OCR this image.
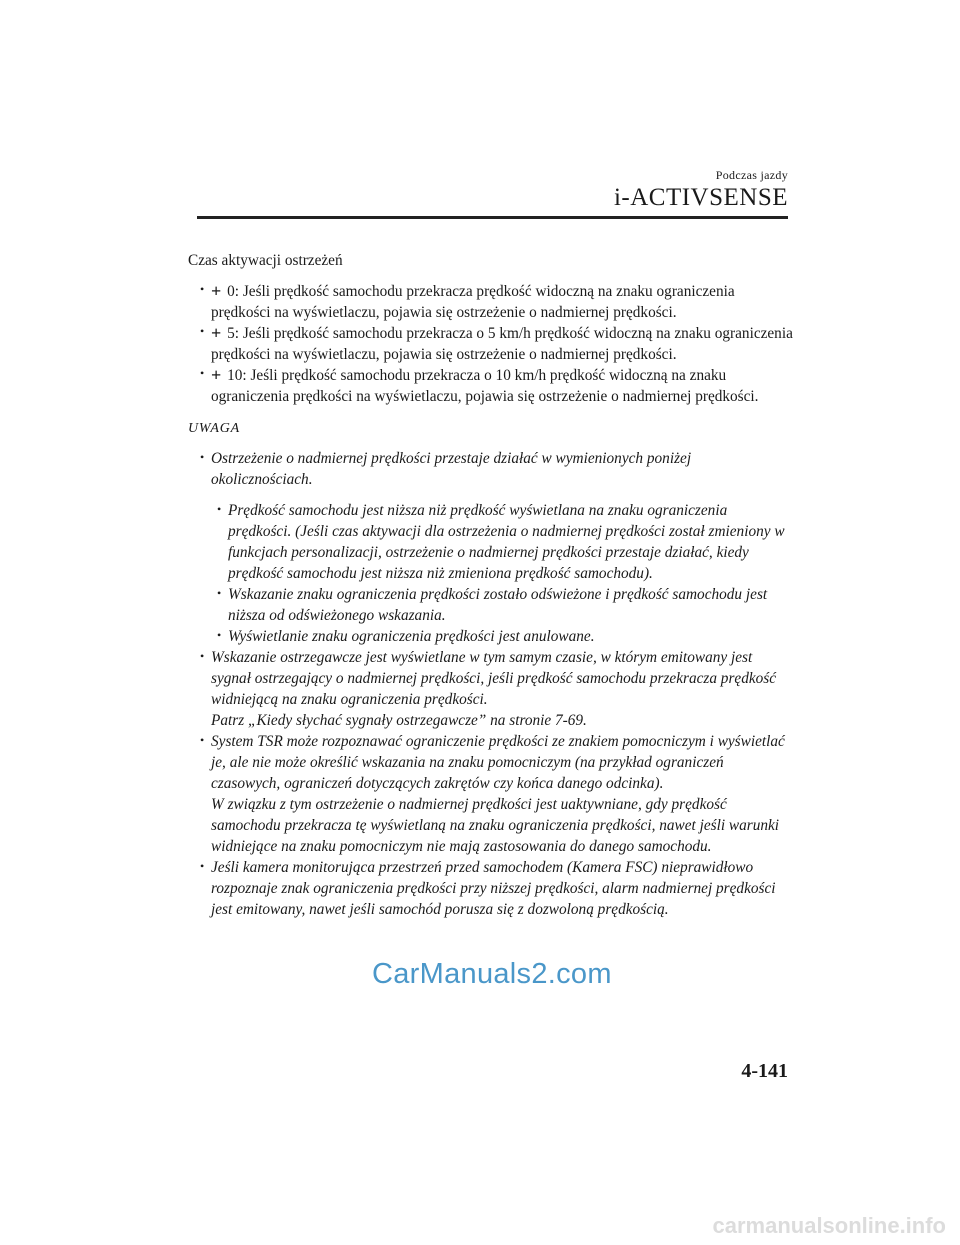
Podczas jazdy
i-ACTIVSENSE
Czas aktywacji ostrzeżeń
• + 0: Jeśli prędkość samochodu przekracza prędkość widoczną na znaku ograniczenia prędkości na wyświetlaczu, pojawia się ostrzeżenie o nadmiernej prędkości.
• + 5: Jeśli prędkość samochodu przekracza o 5 km/h prędkość widoczną na znaku ograniczenia prędkości na wyświetlaczu, pojawia się ostrzeżenie o nadmiernej prędkości.
• + 10: Jeśli prędkość samochodu przekracza o 10 km/h prędkość widoczną na znaku ograniczenia prędkości na wyświetlaczu, pojawia się ostrzeżenie o nadmiernej prędkości.
UWAGA
• Ostrzeżenie o nadmiernej prędkości przestaje działać w wymienionych poniżej okolicznościach.
• Prędkość samochodu jest niższa niż prędkość wyświetlana na znaku ograniczenia prędkości. (Jeśli czas aktywacji dla ostrzeżenia o nadmiernej prędkości został zmieniony w funkcjach personalizacji, ostrzeżenie o nadmiernej prędkości przestaje działać, kiedy prędkość samochodu jest niższa niż zmieniona prędkość samochodu).
• Wskazanie znaku ograniczenia prędkości zostało odświeżone i prędkość samochodu jest niższa od odświeżonego wskazania.
• Wyświetlanie znaku ograniczenia prędkości jest anulowane.
• Wskazanie ostrzegawcze jest wyświetlane w tym samym czasie, w którym emitowany jest sygnał ostrzegający o nadmiernej prędkości, jeśli prędkość samochodu przekracza prędkość widniejącą na znaku ograniczenia prędkości.
Patrz „Kiedy słychać sygnały ostrzegawcze” na stronie 7-69.
• System TSR może rozpoznawać ograniczenie prędkości ze znakiem pomocniczym i wyświetlać je, ale nie może określić wskazania na znaku pomocniczym (na przykład ograniczeń czasowych, ograniczeń dotyczących zakrętów czy końca danego odcinka).
W związku z tym ostrzeżenie o nadmiernej prędkości jest uaktywniane, gdy prędkość samochodu przekracza tę wyświetlaną na znaku ograniczenia prędkości, nawet jeśli warunki widniejące na znaku pomocniczym nie mają zastosowania do danego samochodu.
• Jeśli kamera monitorująca przestrzeń przed samochodem (Kamera FSC) nieprawidłowo rozpoznaje znak ograniczenia prędkości przy niższej prędkości, alarm nadmiernej prędkości jest emitowany, nawet jeśli samochód porusza się z dozwoloną prędkością.
CarManuals2.com
4-141
carmanualsonline.info
